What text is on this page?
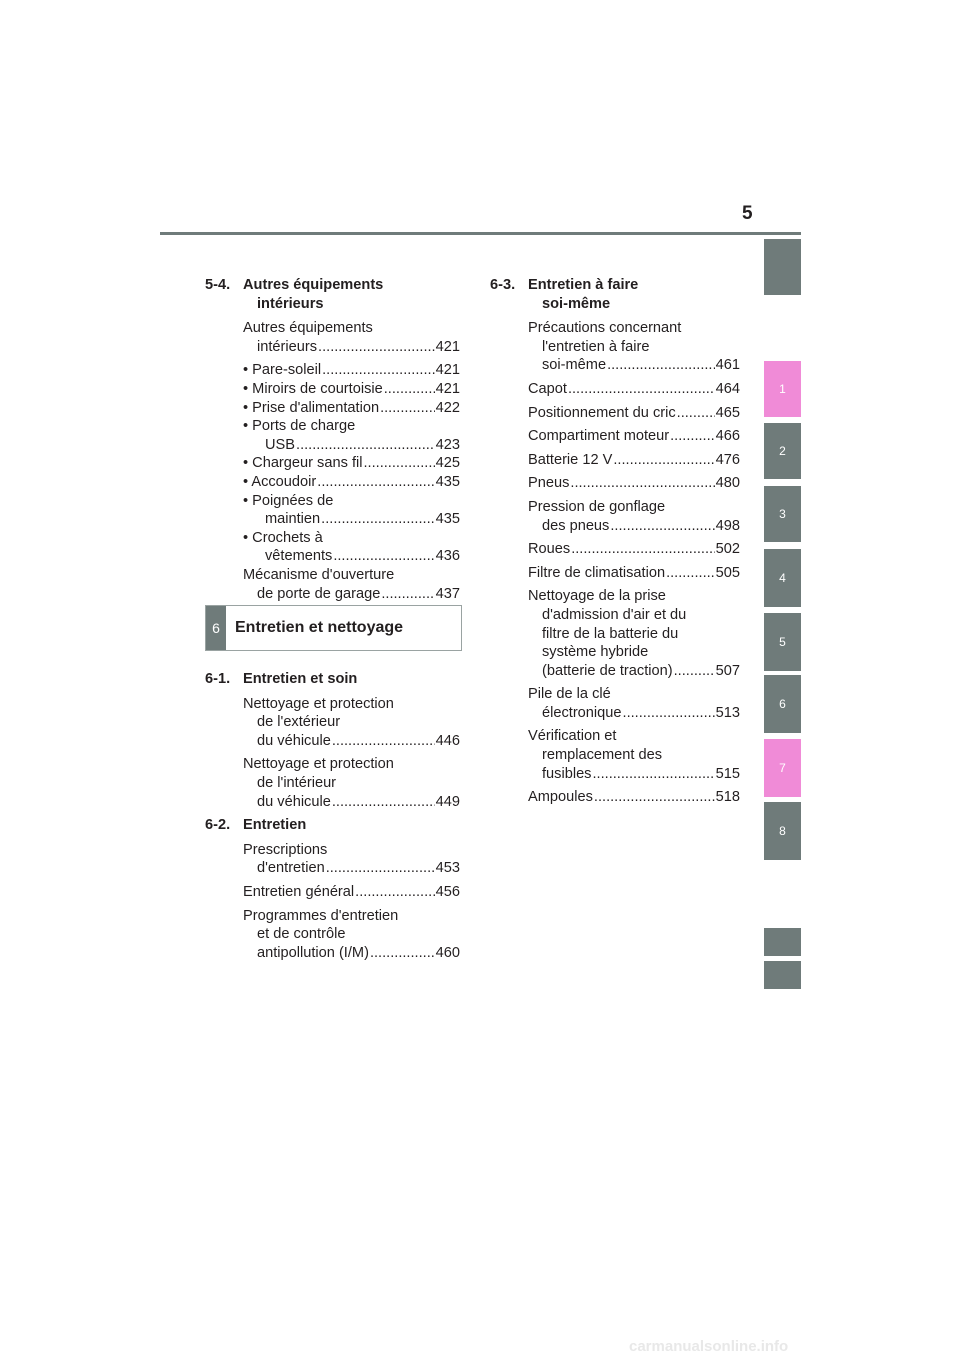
5
5-4. Autres équipements
intérieurs
Autres équipements
intérieurs .....	421
• Pare-soleil .....	421
• Miroirs de courtoisie .....	421
• Prise d'alimentation .....	422
• Ports de charge
USB .....	423
• Chargeur sans fil .....	425
• Accoudoir .....	435
• Poignées de
maintien .....	435
• Crochets à
vêtements .....	436
Mécanisme d'ouverture
de porte de garage .....	437
6 Entretien et nettoyage
6-1. Entretien et soin
Nettoyage et protection
de l'extérieur
du véhicule .....	446
Nettoyage et protection
de l'intérieur
du véhicule .....	449
6-2. Entretien
Prescriptions
d'entretien .....	453
Entretien général .....	456
Programmes d'entretien
et de contrôle
antipollution (I/M) .....	460
6-3. Entretien à faire
soi-même
Précautions concernant
l'entretien à faire
soi-même .....	461
Capot .....	464
Positionnement du cric .....	465
Compartiment moteur .....	466
Batterie 12 V .....	476
Pneus .....	480
Pression de gonflage
des pneus .....	498
Roues .....	502
Filtre de climatisation .....	505
Nettoyage de la prise
d'admission d'air et du
filtre de la batterie du
système hybride
(batterie de traction) .....	507
Pile de la clé
électronique .....	513
Vérification et
remplacement des
fusibles .....	515
Ampoules .....	518
1
2
3
4
5
6
7
8
carmanualsonline.info
